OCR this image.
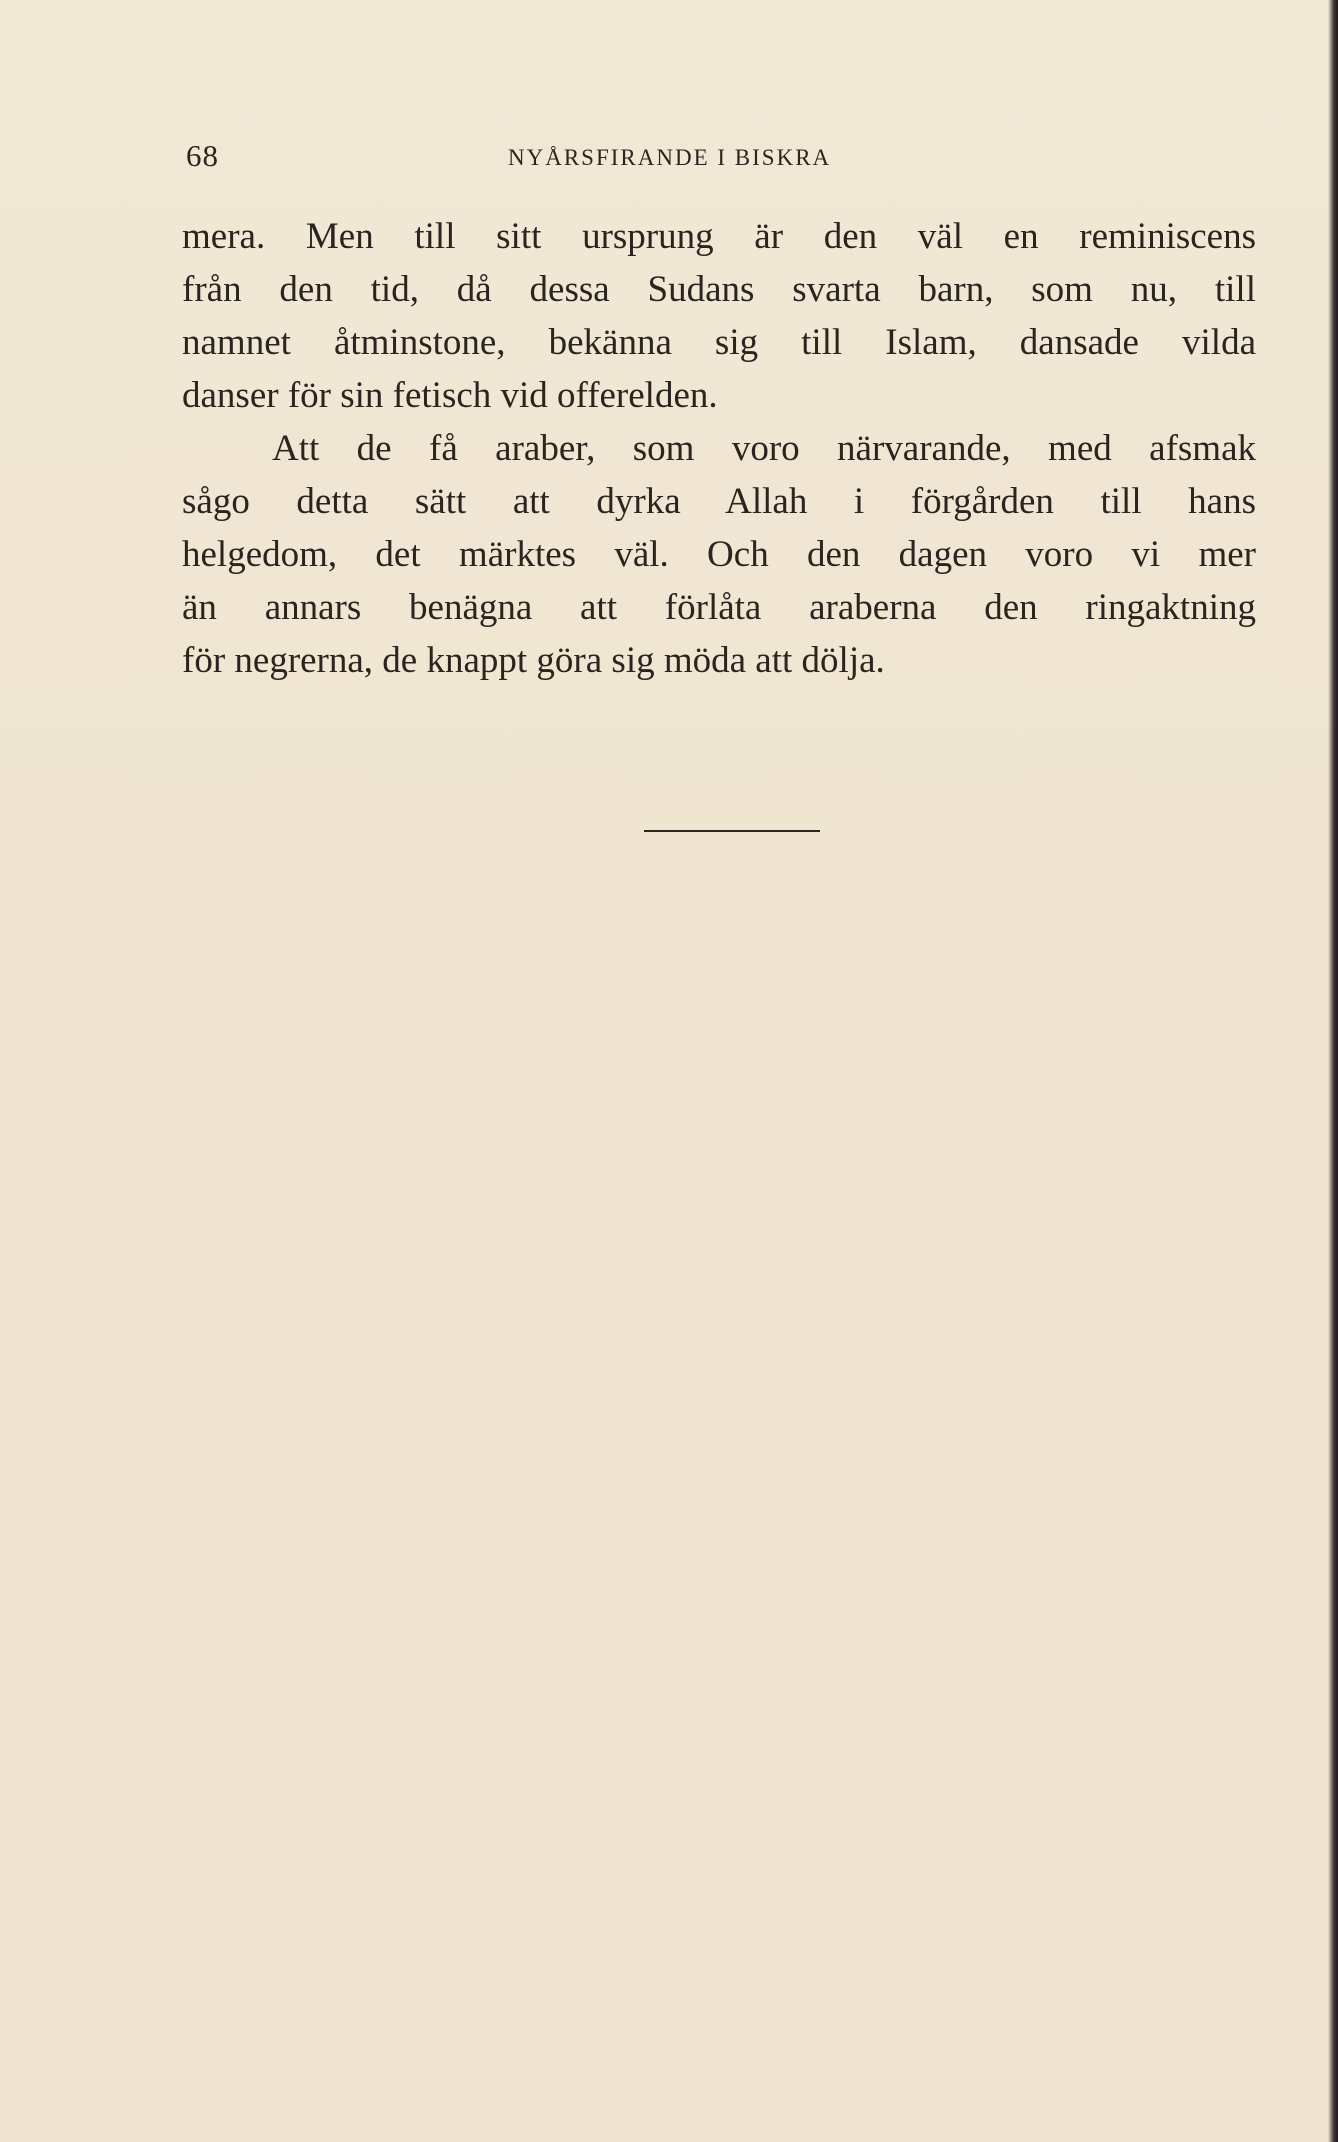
68	NYÅRSFIRANDE I BISKRA
mera. Men till sitt ursprung är den väl en reminiscens
från den tid, då dessa Sudans svarta barn, som nu, till
namnet åtminstone, bekänna sig till Islam, dansade vilda
danser för sin fetisch vid offerelden.
Att de få araber, som voro närvarande, med afsmak
sågo detta sätt att dyrka Allah i förgården till hans
helgedom, det märktes väl. Och den dagen voro vi mer
än annars benägna att förlåta araberna den ringaktning
för negrerna, de knappt göra sig möda att dölja.
